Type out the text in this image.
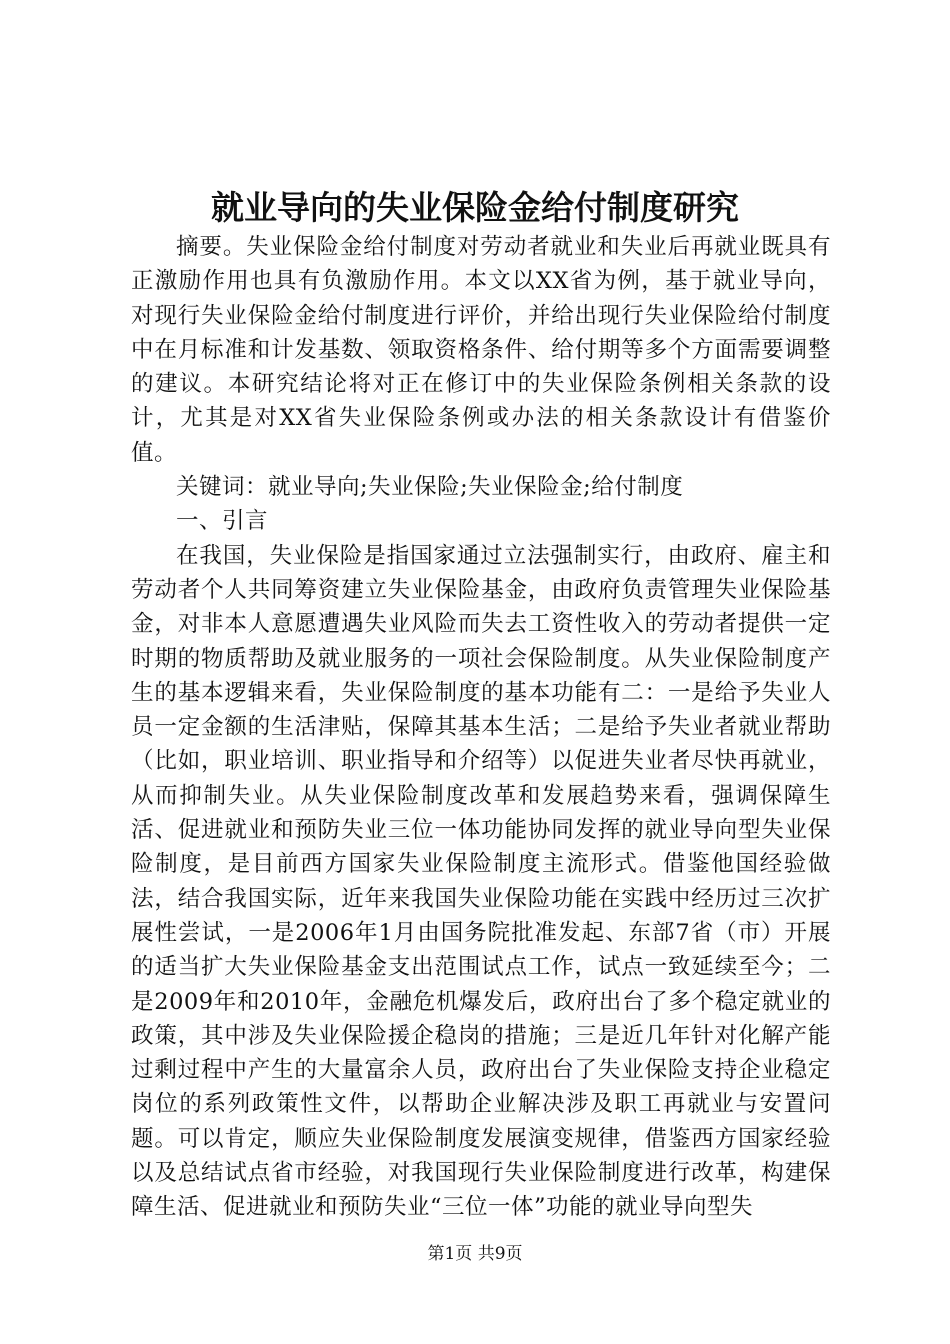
就业导向的失业保险金给付制度研究

摘要。失业保险金给付制度对劳动者就业和失业后再就业既具有正激励作用也具有负激励作用。本文以XX省为例，基于就业导向，对现行失业保险金给付制度进行评价，并给出现行失业保险给付制度中在月标准和计发基数、领取资格条件、给付期等多个方面需要调整的建议。本研究结论将对正在修订中的失业保险条例相关条款的设计，尤其是对XX省失业保险条例或办法的相关条款设计有借鉴价值。

关键词：就业导向;失业保险;失业保险金;给付制度

一、引言

在我国，失业保险是指国家通过立法强制实行，由政府、雇主和劳动者个人共同筹资建立失业保险基金，由政府负责管理失业保险基金，对非本人意愿遭遇失业风险而失去工资性收入的劳动者提供一定时期的物质帮助及就业服务的一项社会保险制度。从失业保险制度产生的基本逻辑来看，失业保险制度的基本功能有二：一是给予失业人员一定金额的生活津贴，保障其基本生活；二是给予失业者就业帮助（比如，职业培训、职业指导和介绍等）以促进失业者尽快再就业，从而抑制失业。从失业保险制度改革和发展趋势来看，强调保障生活、促进就业和预防失业三位一体功能协同发挥的就业导向型失业保险制度，是目前西方国家失业保险制度主流形式。借鉴他国经验做法，结合我国实际，近年来我国失业保险功能在实践中经历过三次扩展性尝试，一是2006年1月由国务院批准发起、东部7省（市）开展的适当扩大失业保险基金支出范围试点工作，试点一致延续至今；二是2009年和2010年，金融危机爆发后，政府出台了多个稳定就业的政策，其中涉及失业保险援企稳岗的措施；三是近几年针对化解产能过剩过程中产生的大量富余人员，政府出台了失业保险支持企业稳定岗位的系列政策性文件，以帮助企业解决涉及职工再就业与安置问题。可以肯定，顺应失业保险制度发展演变规律，借鉴西方国家经验以及总结试点省市经验，对我国现行失业保险制度进行改革，构建保障生活、促进就业和预防失业“三位一体”功能的就业导向型失

第1页 共9页
